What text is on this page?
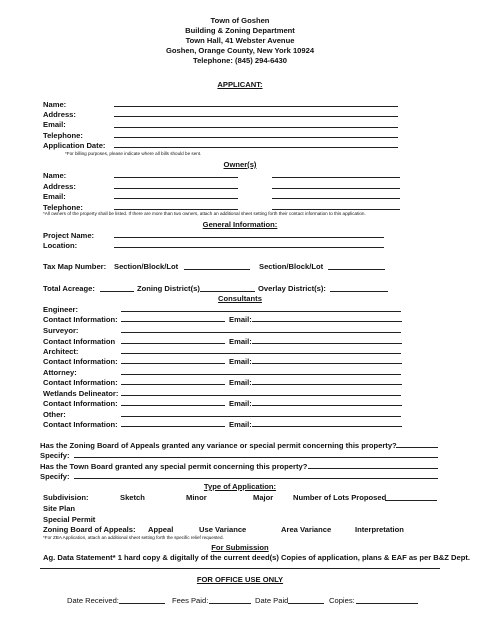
Town of Goshen
Building & Zoning Department
Town Hall, 41 Webster Avenue
Goshen, Orange County, New York 10924
Telephone: (845) 294-6430
APPLICANT:
Name:
Address:
Email:
Telephone:
Application Date:
*For billing purposes, please indicate where all bills should be sent.
Owner(s)
Name:
Address:
Email:
Telephone:
*All owners of the property shall be listed. If there are more than two owners, attach an additional sheet setting forth their contact information to this application.
General Information:
Project Name:
Location:
Tax Map Number: Section/Block/Lot	Section/Block/Lot
Total Acreage:	Zoning District(s)	Overlay District(s):
Consultants
Engineer:
Contact Information:	Email:
Surveyor:
Contact Information	Email:
Architect:
Contact Information:	Email:
Attorney:
Contact Information:	Email:
Wetlands Delineator:
Contact Information:	Email:
Other:
Contact Information:	Email:
Has the Zoning Board of Appeals granted any variance or special permit concerning this property?
Specify:
Has the Town Board granted any special permit concerning this property?
Specify:
Type of Application:
Subdivision:	Sketch	Minor	Major	Number of Lots Proposed
Site Plan
Special Permit
Zoning Board of Appeals: Appeal	Use Variance	Area Variance	Interpretation
*For ZBA Application, attach an additional sheet setting forth the specific relief requested.
For Submission
Ag. Data Statement* 1 hard copy & digitally of the current deed(s) Copies of application, plans & EAF as per B&Z Dept.
FOR OFFICE USE ONLY
Date Received:	Fees Paid:	Date Paid	Copies:
